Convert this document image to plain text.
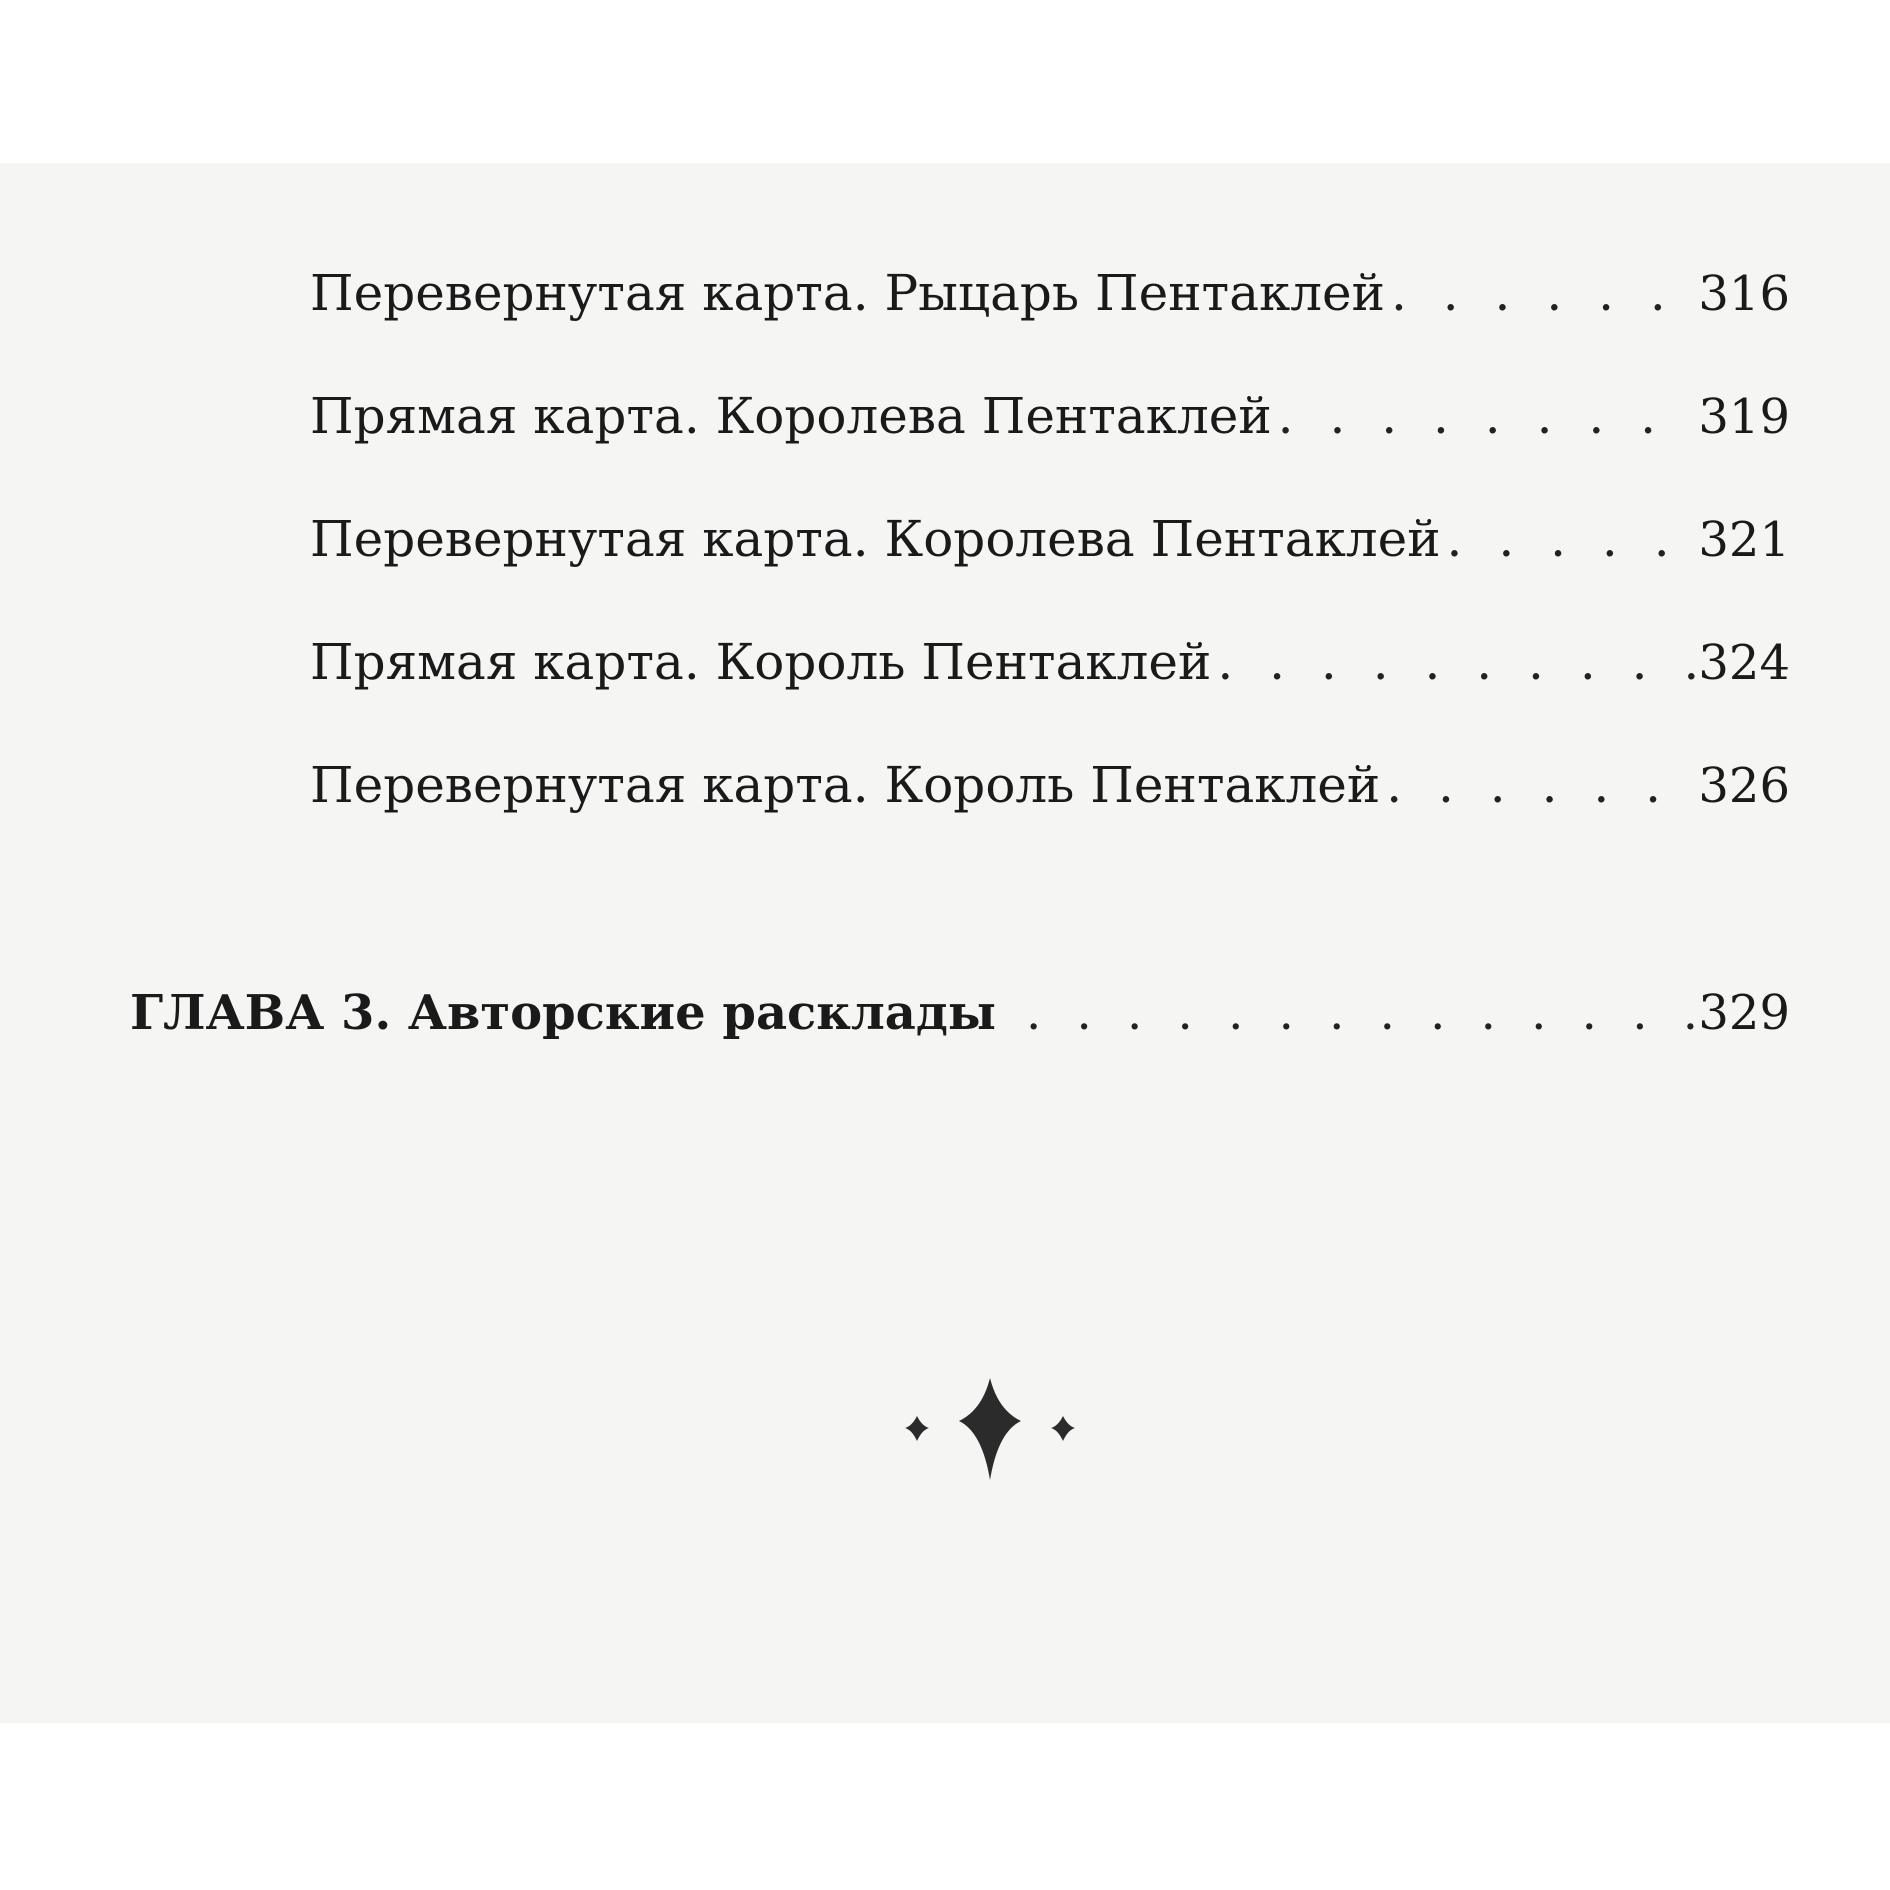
Перевернутая карта. Рыцарь Пентаклей . . .	316
Прямая карта. Королева Пентаклей . . .	319
Перевернутая карта. Королева Пентаклей . . .	321
Прямая карта. Король Пентаклей . . .	324
Перевернутая карта. Король Пентаклей . . .	326
ГЛАВА 3. Авторские расклады . . .	329
